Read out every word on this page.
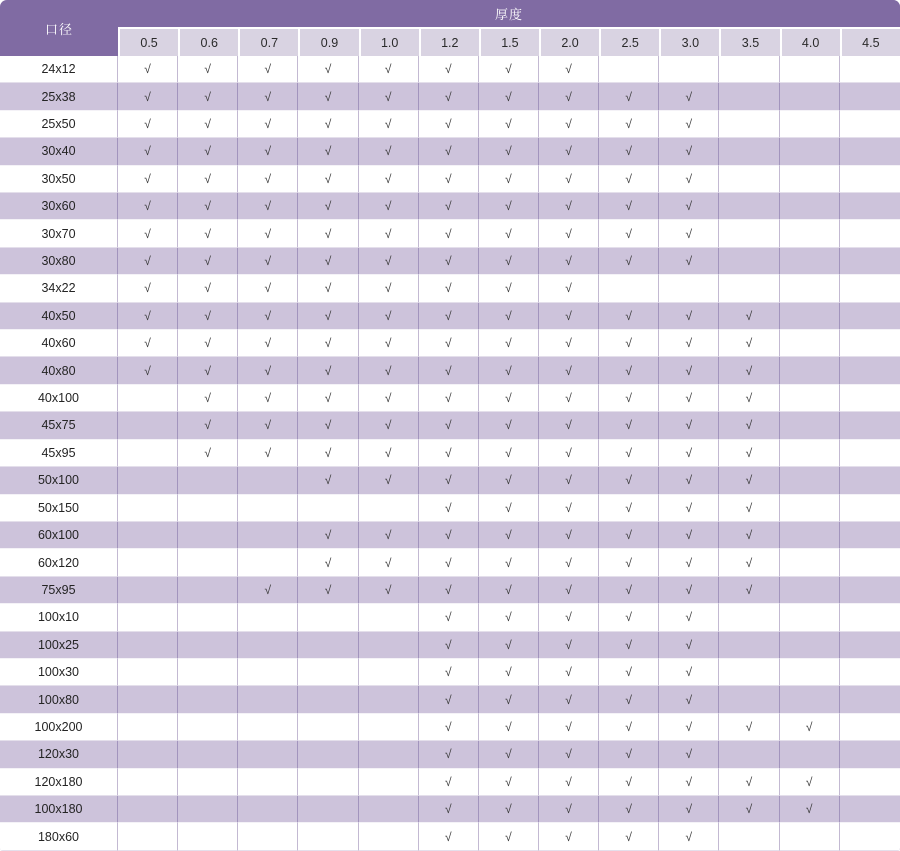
口径	厚度												
	0.5	0.6	0.7	0.9	1.0	1.2	1.5	2.0	2.5	3.0	3.5	4.0	4.5
24x12	√	√	√	√	√	√	√	√					
25x38	√	√	√	√	√	√	√	√	√	√			
25x50	√	√	√	√	√	√	√	√	√	√			
30x40	√	√	√	√	√	√	√	√	√	√			
30x50	√	√	√	√	√	√	√	√	√	√			
30x60	√	√	√	√	√	√	√	√	√	√			
30x70	√	√	√	√	√	√	√	√	√	√			
30x80	√	√	√	√	√	√	√	√	√	√			
34x22	√	√	√	√	√	√	√	√					
40x50	√	√	√	√	√	√	√	√	√	√	√		
40x60	√	√	√	√	√	√	√	√	√	√	√		
40x80	√	√	√	√	√	√	√	√	√	√	√		
40x100		√	√	√	√	√	√	√	√	√	√		
45x75		√	√	√	√	√	√	√	√	√	√		
45x95		√	√	√	√	√	√	√	√	√	√		
50x100				√	√	√	√	√	√	√	√		
50x150						√	√	√	√	√	√		
60x100				√	√	√	√	√	√	√	√		
60x120				√	√	√	√	√	√	√	√		
75x95			√	√	√	√	√	√	√	√	√		
100x10						√	√	√	√	√			
100x25						√	√	√	√	√			
100x30						√	√	√	√	√			
100x80						√	√	√	√	√			
100x200						√	√	√	√	√	√	√	
120x30						√	√	√	√	√			
120x180						√	√	√	√	√	√	√	
100x180						√	√	√	√	√	√	√	
180x60						√	√	√	√	√			
